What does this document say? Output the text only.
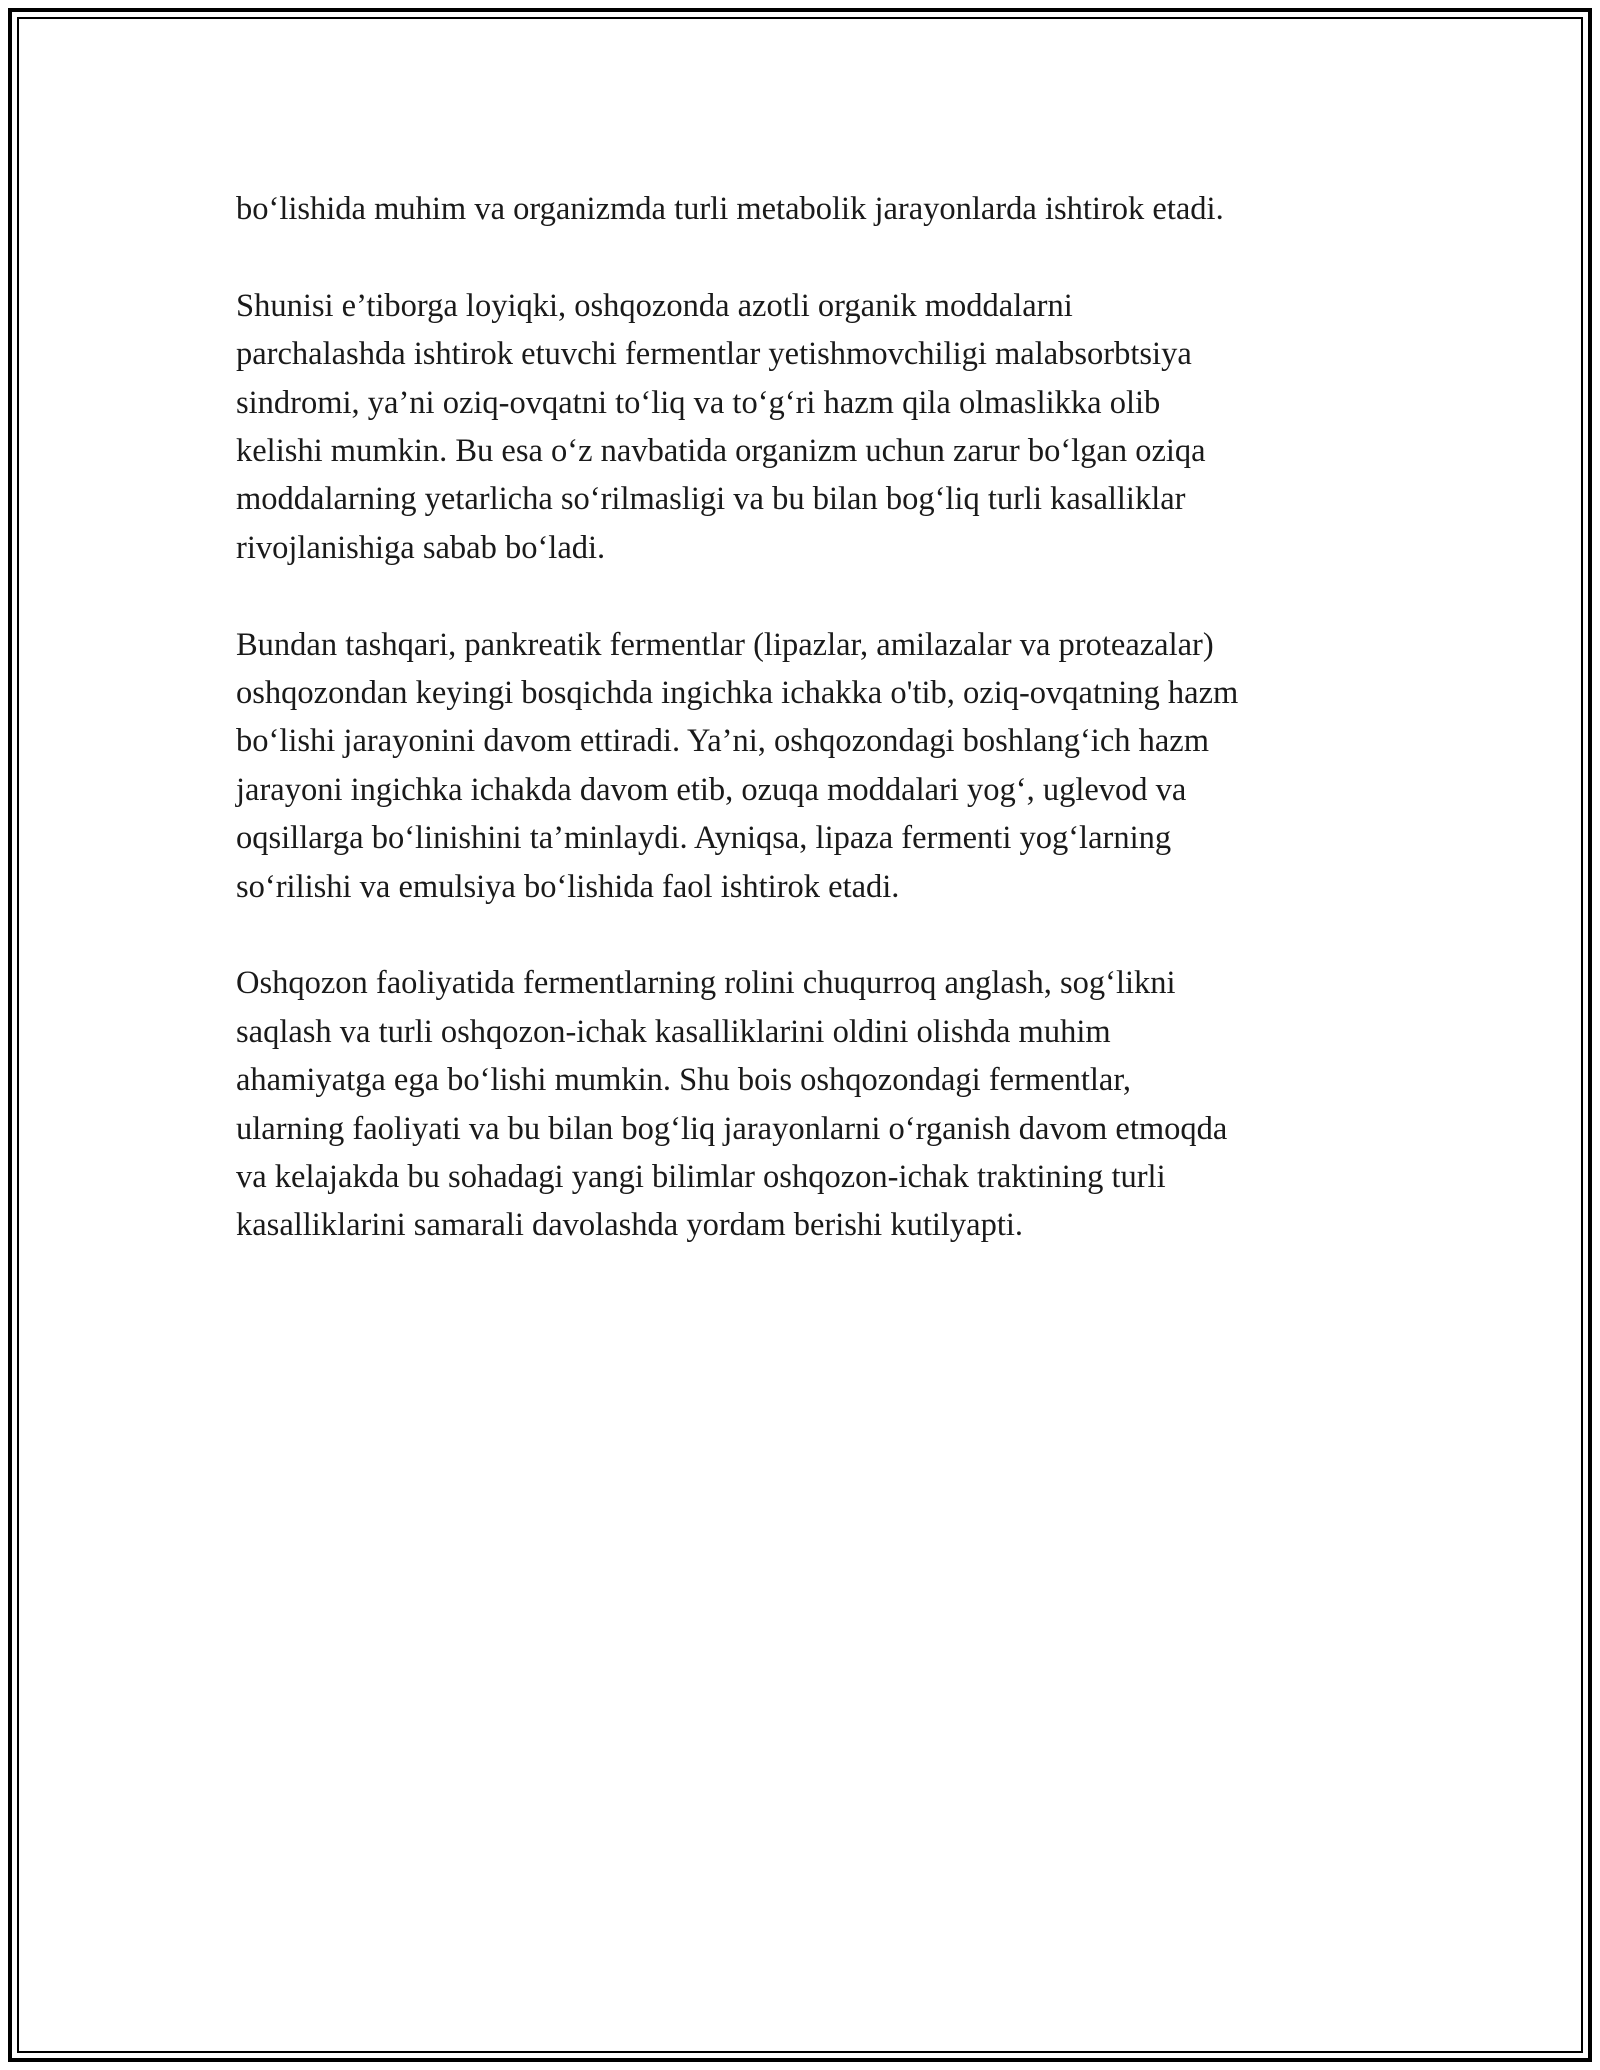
bo‘lishida muhim va organizmda turli metabolik jarayonlarda ishtirok etadi.

Shunisi e’tiborga loyiqki, oshqozonda azotli organik moddalarni
parchalashda ishtirok etuvchi fermentlar yetishmovchiligi malabsorbtsiya
sindromi, ya’ni oziq-ovqatni to‘liq va to‘g‘ri hazm qila olmaslikka olib
kelishi mumkin. Bu esa o‘z navbatida organizm uchun zarur bo‘lgan oziqa
moddalarning yetarlicha so‘rilmasligi va bu bilan bog‘liq turli kasalliklar
rivojlanishiga sabab bo‘ladi.

Bundan tashqari, pankreatik fermentlar (lipazlar, amilazalar va proteazalar)
oshqozondan keyingi bosqichda ingichka ichakka o'tib, oziq-ovqatning hazm
bo‘lishi jarayonini davom ettiradi. Ya’ni, oshqozondagi boshlang‘ich hazm
jarayoni ingichka ichakda davom etib, ozuqa moddalari yog‘, uglevod va
oqsillarga bo‘linishini ta’minlaydi. Ayniqsa, lipaza fermenti yog‘larning
so‘rilishi va emulsiya bo‘lishida faol ishtirok etadi.

Oshqozon faoliyatida fermentlarning rolini chuqurroq anglash, sog‘likni
saqlash va turli oshqozon-ichak kasalliklarini oldini olishda muhim
ahamiyatga ega bo‘lishi mumkin. Shu bois oshqozondagi fermentlar,
ularning faoliyati va bu bilan bog‘liq jarayonlarni o‘rganish davom etmoqda
va kelajakda bu sohadagi yangi bilimlar oshqozon-ichak traktining turli
kasalliklarini samarali davolashda yordam berishi kutilyapti.
